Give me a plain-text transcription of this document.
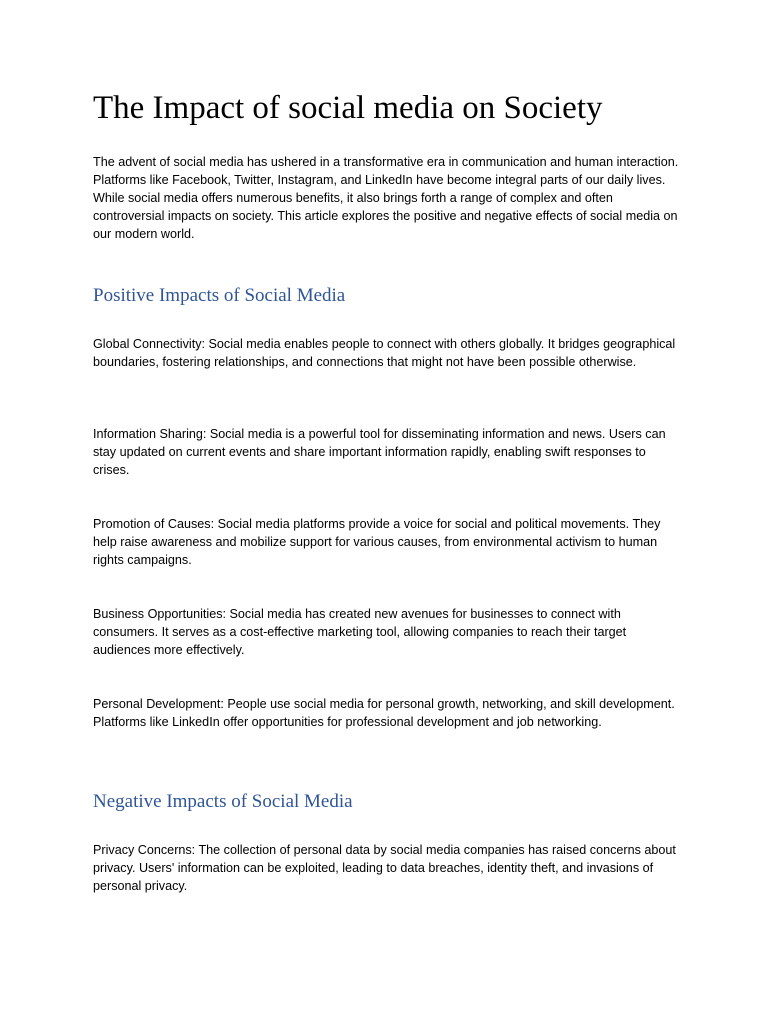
The Impact of social media on Society

The advent of social media has ushered in a transformative era in communication and human interaction. Platforms like Facebook, Twitter, Instagram, and LinkedIn have become integral parts of our daily lives. While social media offers numerous benefits, it also brings forth a range of complex and often controversial impacts on society. This article explores the positive and negative effects of social media on our modern world.

Positive Impacts of Social Media

Global Connectivity: Social media enables people to connect with others globally. It bridges geographical boundaries, fostering relationships, and connections that might not have been possible otherwise.

Information Sharing: Social media is a powerful tool for disseminating information and news. Users can stay updated on current events and share important information rapidly, enabling swift responses to crises.

Promotion of Causes: Social media platforms provide a voice for social and political movements. They help raise awareness and mobilize support for various causes, from environmental activism to human rights campaigns.

Business Opportunities: Social media has created new avenues for businesses to connect with consumers. It serves as a cost-effective marketing tool, allowing companies to reach their target audiences more effectively.

Personal Development: People use social media for personal growth, networking, and skill development. Platforms like LinkedIn offer opportunities for professional development and job networking.

Negative Impacts of Social Media

Privacy Concerns: The collection of personal data by social media companies has raised concerns about privacy. Users' information can be exploited, leading to data breaches, identity theft, and invasions of personal privacy.
